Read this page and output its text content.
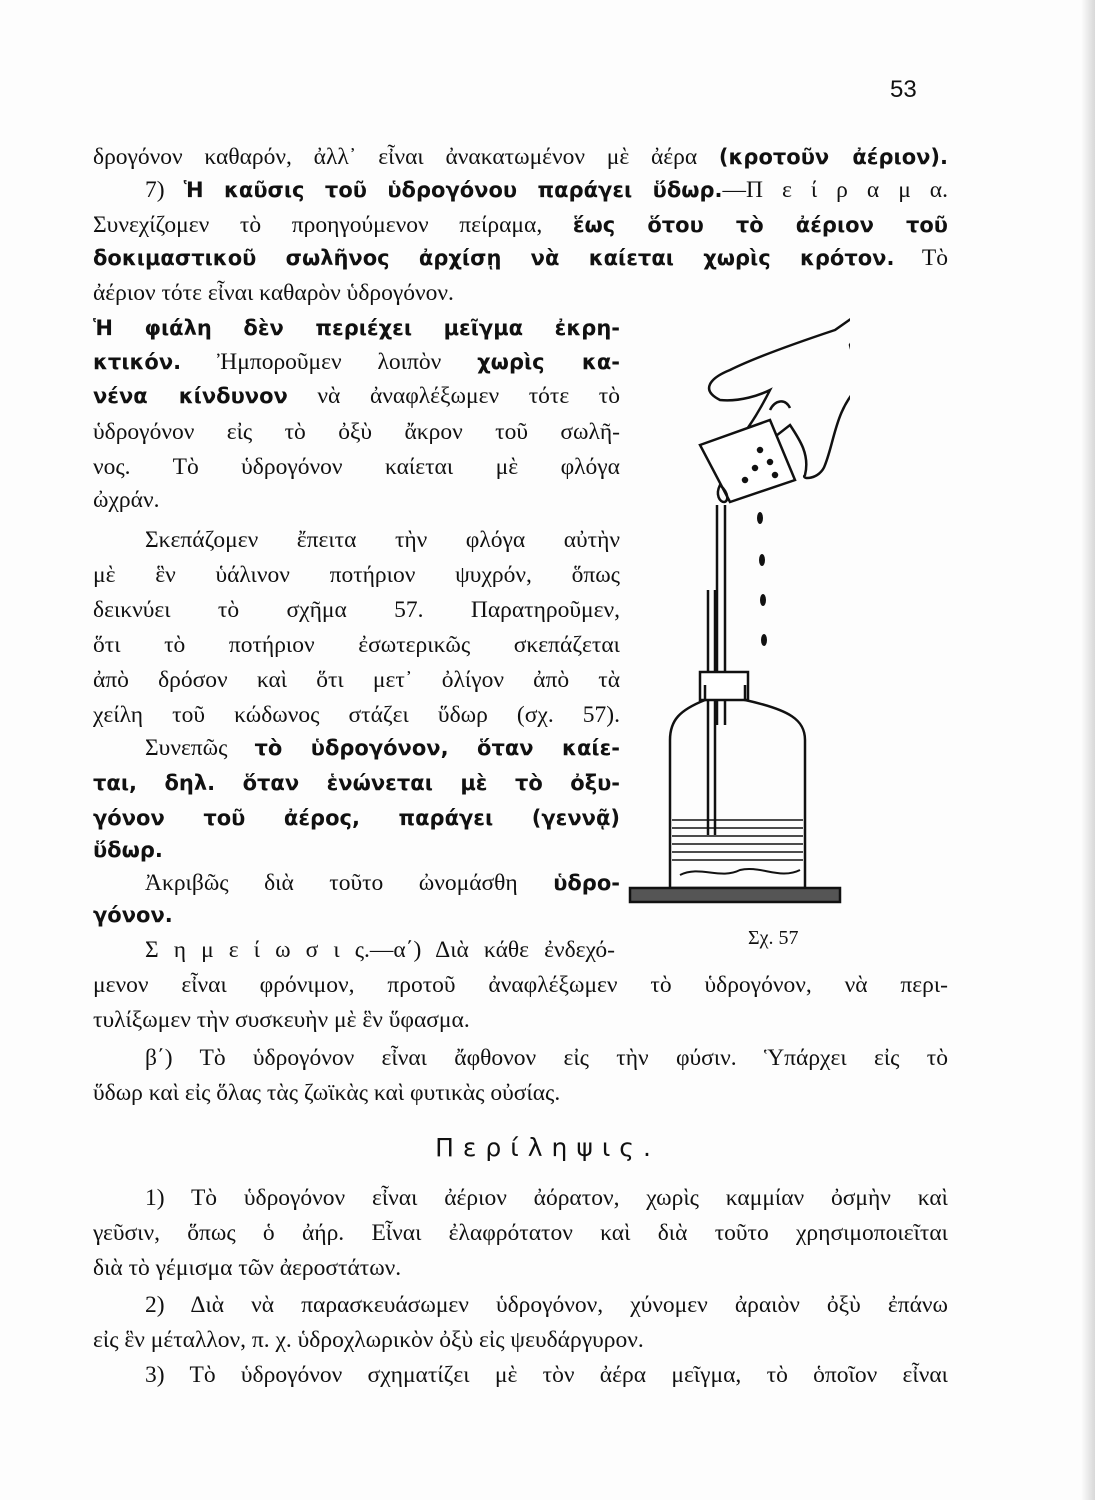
53
δρογόνον καθαρόν, ἀλλ᾽ εἶναι ἀνακατωμένον μὲ ἀέρα (κροτοῦν ἀέριον).
7) Ἡ καῦσις τοῦ ὑδρογόνου παράγει ὕδωρ.—Π ε ί ρ α μ α.
Συνεχίζομεν τὸ προηγούμενον πείραμα, ἕως ὅτου τὸ ἀέριον τοῦ
δοκιμαστικοῦ σωλῆνος ἀρχίσῃ νὰ καίεται χωρὶς κρότον. Τὸ
ἀέριον τότε εἶναι καθαρὸν ὑδρογόνον.
Ἡ φιάλη δὲν περιέχει μεῖγμα ἐκρη-
κτικόν. Ἠμποροῦμεν λοιπὸν χωρὶς κα-
νένα κίνδυνον νὰ ἀναφλέξωμεν τότε τὸ
ὑδρογόνον εἰς τὸ ὀξὺ ἄκρον τοῦ σωλῆ-
νος. Τὸ ὑδρογόνον καίεται μὲ φλόγα
ὠχράν.
Σκεπάζομεν ἔπειτα τὴν φλόγα αὐτὴν
μὲ ἓν ὑάλινον ποτήριον ψυχρόν, ὅπως
δεικνύει τὸ σχῆμα 57. Παρατηροῦμεν,
ὅτι τὸ ποτήριον ἐσωτερικῶς σκεπάζεται
ἀπὸ δρόσον καὶ ὅτι μετ᾽ ὀλίγον ἀπὸ τὰ
χείλη τοῦ κώδωνος στάζει ὕδωρ (σχ. 57).
Συνεπῶς τὸ ὑδρογόνον, ὅταν καίε-
ται, δηλ. ὅταν ἑνώνεται μὲ τὸ ὀξυ-
γόνον τοῦ ἀέρος, παράγει (γεννᾷ)
ὕδωρ.
Ἀκριβῶς διὰ τοῦτο ὠνομάσθη ὑδρο-
γόνον.
Σ η μ ε ί ω σ ι ς.—α΄) Διὰ κάθε ἐνδεχό-
μενον εἶναι φρόνιμον, προτοῦ ἀναφλέξωμεν τὸ ὑδρογόνον, νὰ περι-
τυλίξωμεν τὴν συσκευὴν μὲ ἓν ὕφασμα.
β΄) Τὸ ὑδρογόνον εἶναι ἄφθονον εἰς τὴν φύσιν. Ὑπάρχει εἰς τὸ
ὕδωρ καὶ εἰς ὅλας τὰς ζωϊκὰς καὶ φυτικὰς οὐσίας.
1) Τὸ ὑδρογόνον εἶναι ἀέριον ἀόρατον, χωρὶς καμμίαν ὀσμὴν καὶ
γεῦσιν, ὅπως ὁ ἀήρ. Εἶναι ἐλαφρότατον καὶ διὰ τοῦτο χρησιμοποιεῖται
διὰ τὸ γέμισμα τῶν ἀεροστάτων.
2) Διὰ νὰ παρασκευάσωμεν ὑδρογόνον, χύνομεν ἀραιὸν ὀξὺ ἐπάνω
εἰς ἓν μέταλλον, π. χ. ὑδροχλωρικὸν ὀξὺ εἰς ψευδάργυρον.
3) Τὸ ὑδρογόνον σχηματίζει μὲ τὸν ἀέρα μεῖγμα, τὸ ὁποῖον εἶναι
Περίληψις.
Σχ. 57
